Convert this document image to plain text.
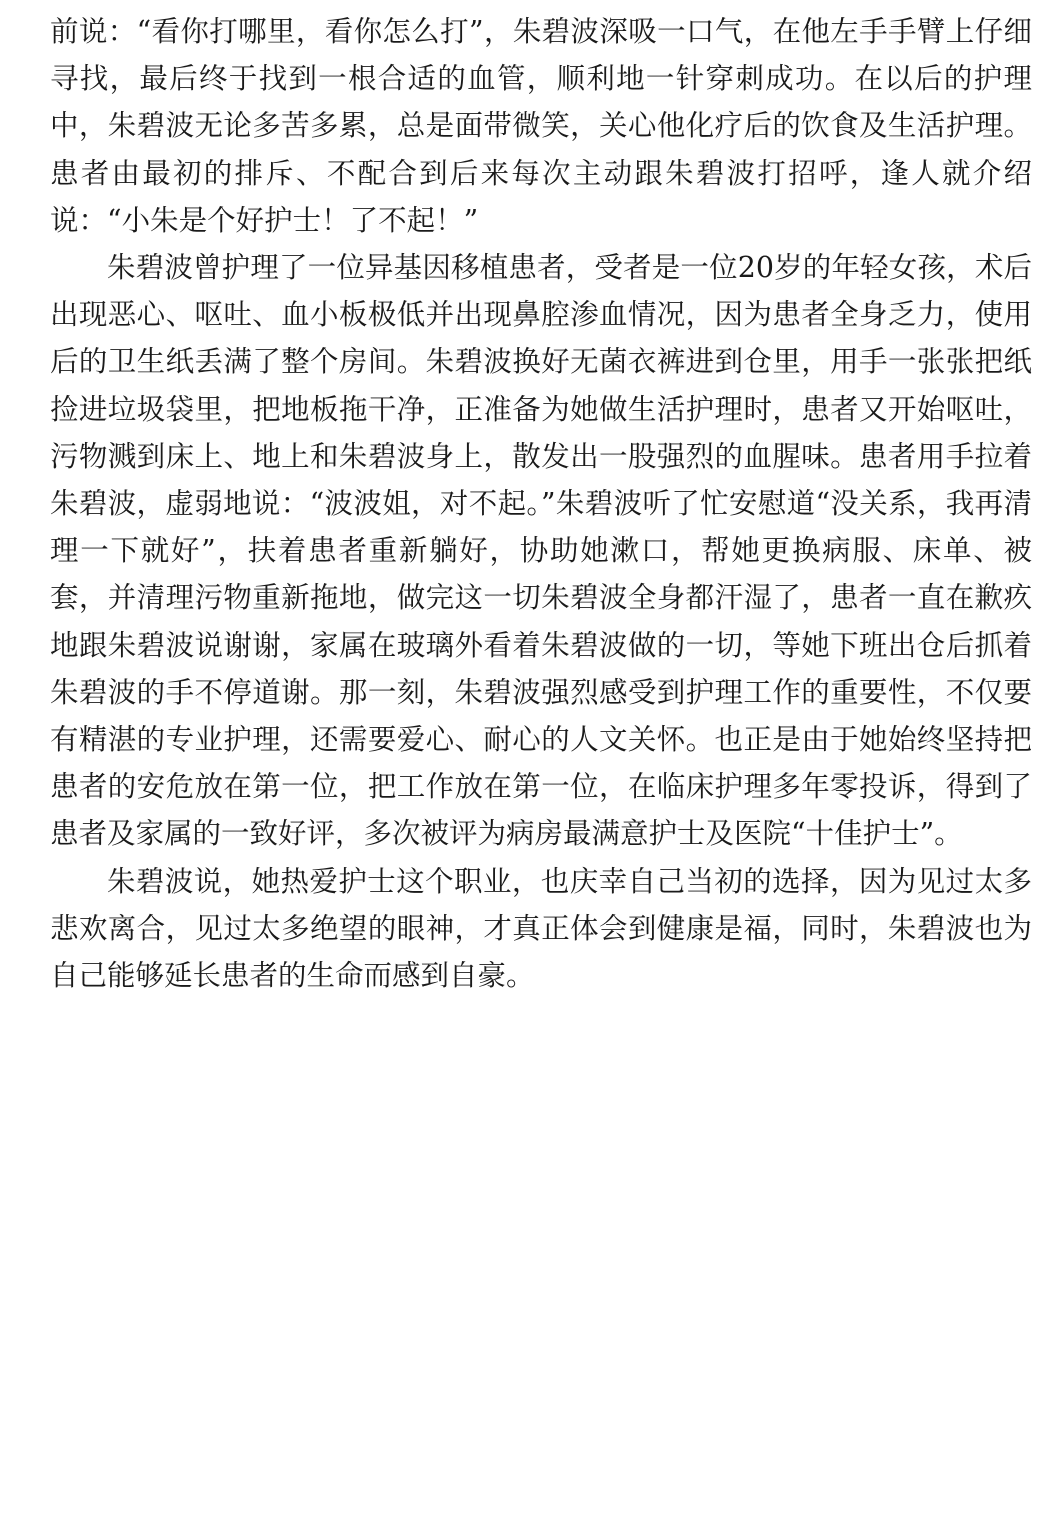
前说：“看你打哪里，看你怎么打”，朱碧波深吸一口气，在他左手手臂上仔细寻找，最后终于找到一根合适的血管，顺利地一针穿刺成功。在以后的护理中，朱碧波无论多苦多累，总是面带微笑，关心他化疗后的饮食及生活护理。患者由最初的排斥、不配合到后来每次主动跟朱碧波打招呼，逢人就介绍说：“小朱是个好护士！了不起！”

朱碧波曾护理了一位异基因移植患者，受者是一位20岁的年轻女孩，术后出现恶心、呕吐、血小板极低并出现鼻腔渗血情况，因为患者全身乏力，使用后的卫生纸丢满了整个房间。朱碧波换好无菌衣裤进到仓里，用手一张张把纸捡进垃圾袋里，把地板拖干净，正准备为她做生活护理时，患者又开始呕吐，污物溅到床上、地上和朱碧波身上，散发出一股强烈的血腥味。患者用手拉着朱碧波，虚弱地说：“波波姐，对不起。”朱碧波听了忙安慰道“没关系，我再清理一下就好”，扶着患者重新躺好，协助她漱口，帮她更换病服、床单、被套，并清理污物重新拖地，做完这一切朱碧波全身都汗湿了，患者一直在歉疚地跟朱碧波说谢谢，家属在玻璃外看着朱碧波做的一切，等她下班出仓后抓着朱碧波的手不停道谢。那一刻，朱碧波强烈感受到护理工作的重要性，不仅要有精湛的专业护理，还需要爱心、耐心的人文关怀。也正是由于她始终坚持把患者的安危放在第一位，把工作放在第一位，在临床护理多年零投诉，得到了患者及家属的一致好评，多次被评为病房最满意护士及医院“十佳护士”。

朱碧波说，她热爱护士这个职业，也庆幸自己当初的选择，因为见过太多悲欢离合，见过太多绝望的眼神，才真正体会到健康是福，同时，朱碧波也为自己能够延长患者的生命而感到自豪。
